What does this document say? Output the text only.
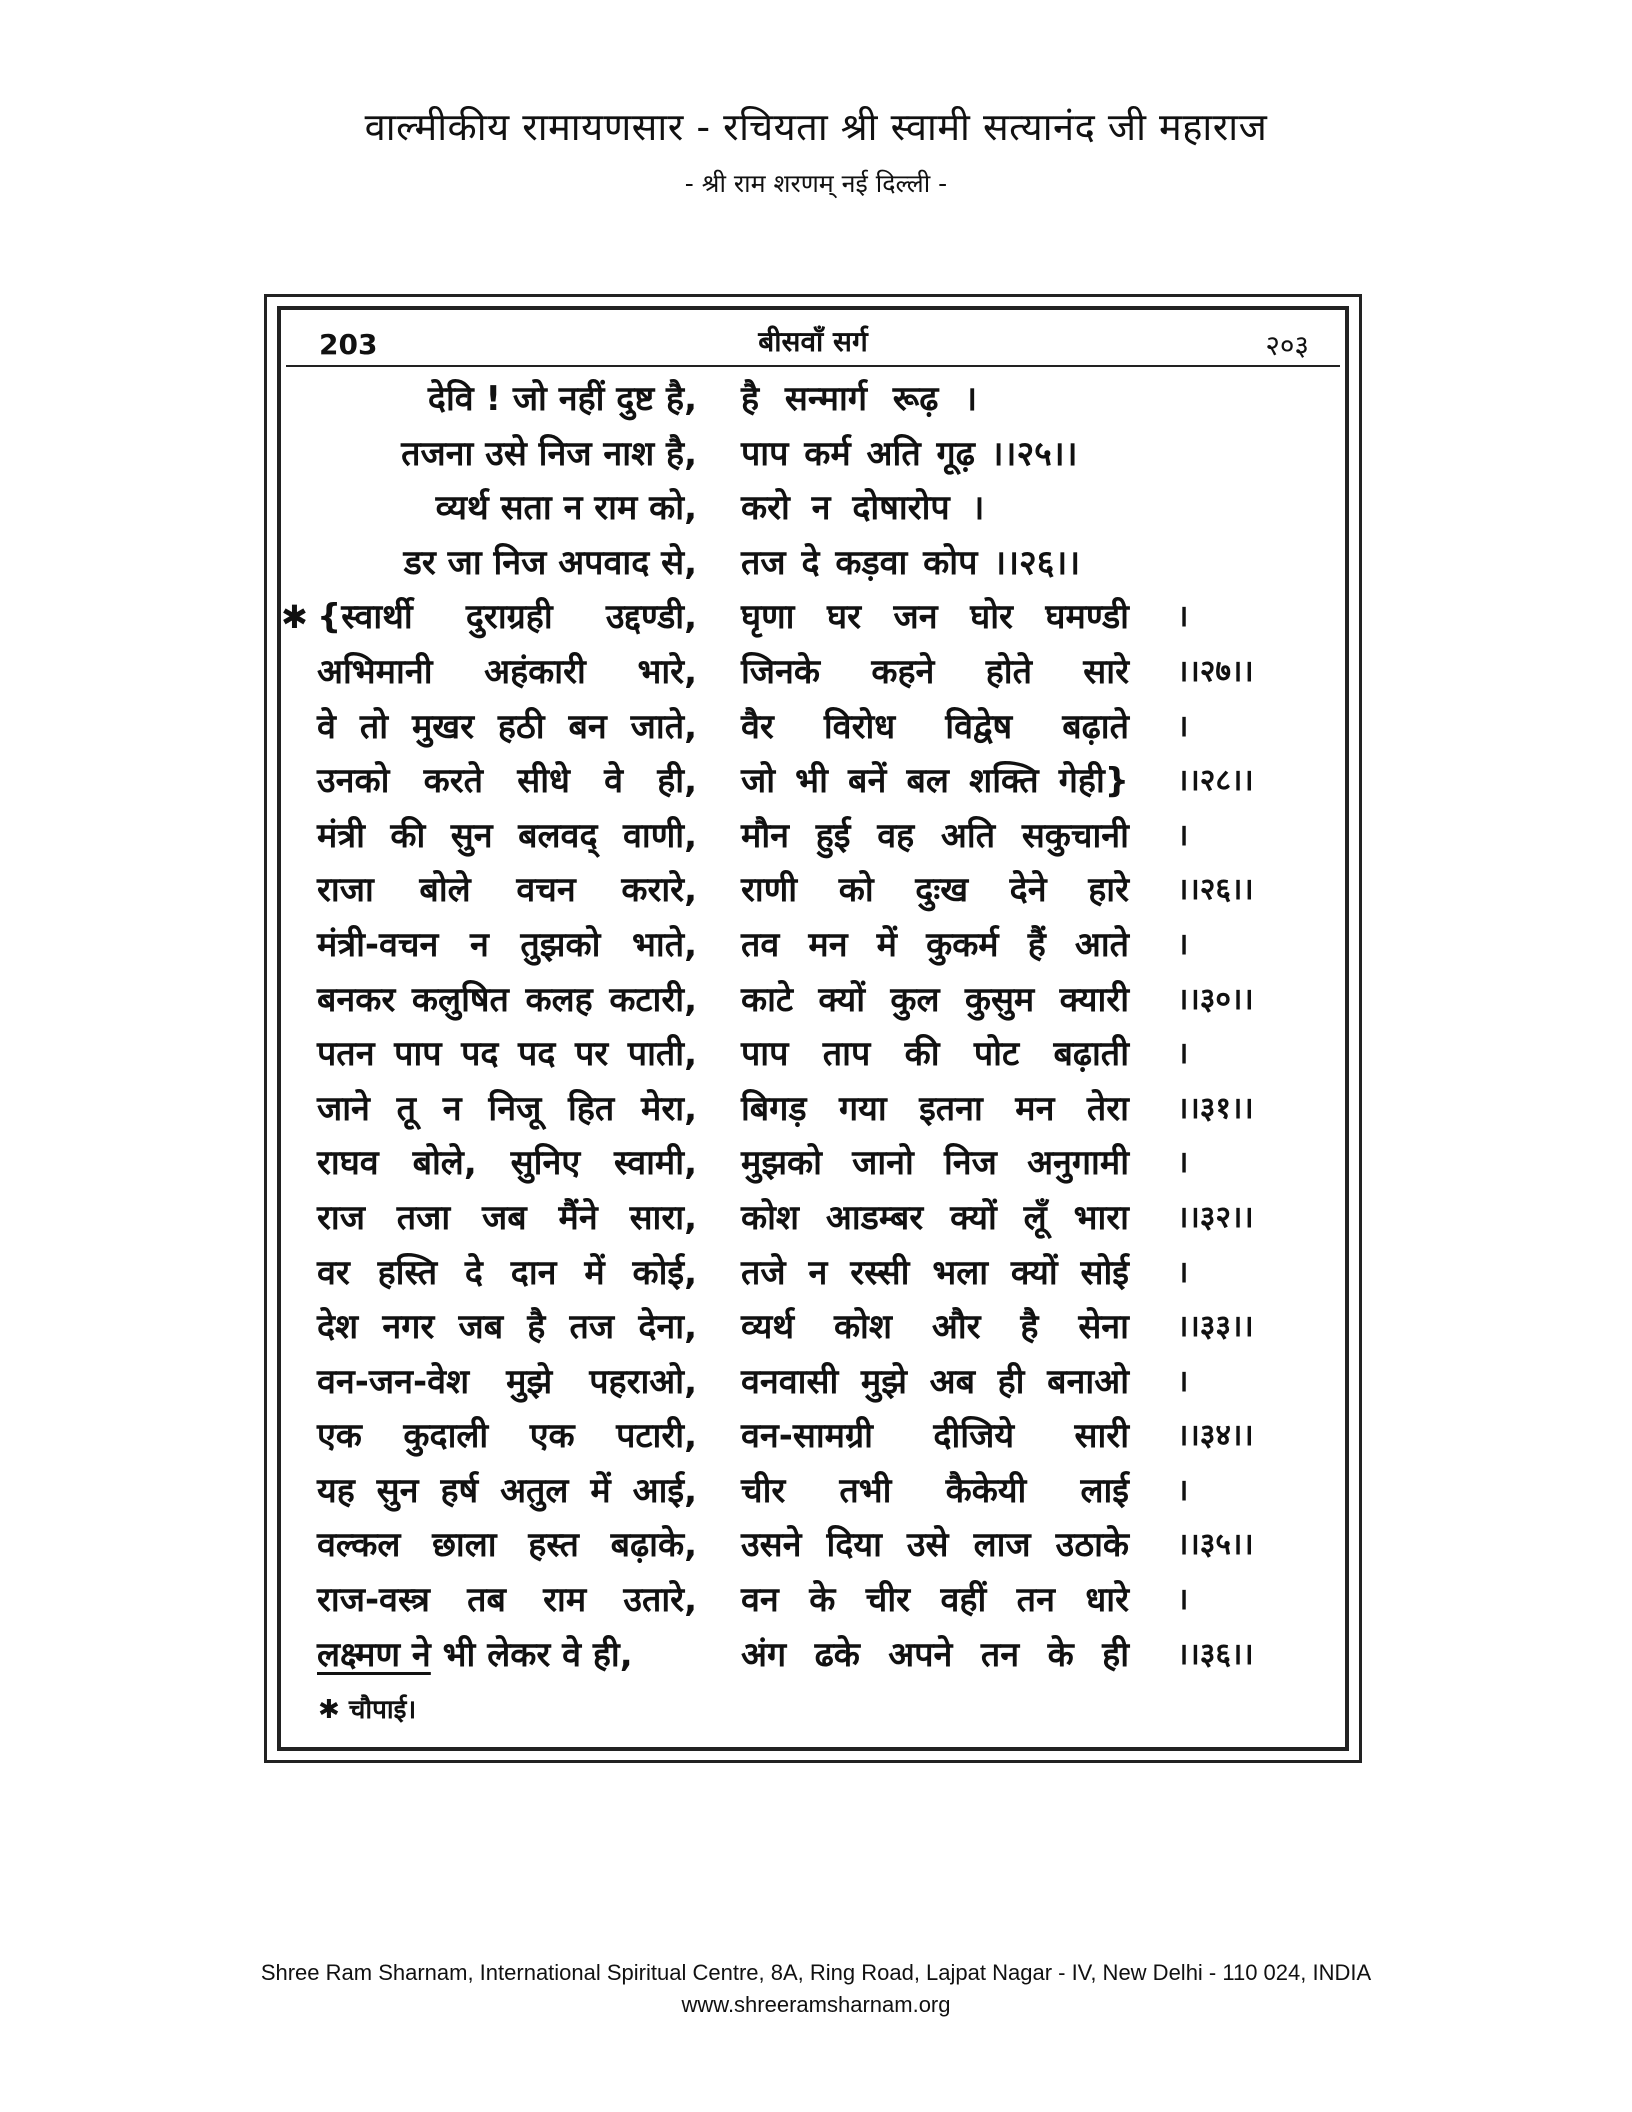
वाल्मीकीय रामायणसार - रचियता श्री स्वामी सत्यानंद जी महाराज
- श्री राम शरणम् नई दिल्ली -
203	बीसवाँ सर्ग	२०३
देवि ! जो नहीं दुष्ट है, है सन्मार्ग रूढ़ ।
तजना उसे निज नाश है, पाप कर्म अति गूढ़ ।।२५।।
व्यर्थ सता न राम को, करो न दोषारोप ।
डर जा निज अपवाद से, तज दे कड़वा कोप ।।२६।।
✱ {स्वार्थी दुराग्रही उद्दण्डी, घृणा घर जन घोर घमण्डी ।
अभिमानी अहंकारी भारे, जिनके कहने होते सारे ।।२७।।
वे तो मुखर हठी बन जाते, वैर विरोध विद्वेष बढ़ाते ।
उनको करते सीधे वे ही, जो भी बनें बल शक्ति गेही} ।।२८।।
मंत्री की सुन बलवद् वाणी, मौन हुई वह अति सकुचानी ।
राजा बोले वचन करारे, राणी को दुःख देने हारे ।।२६।।
मंत्री-वचन न तुझको भाते, तव मन में कुकर्म हैं आते ।
बनकर कलुषित कलह कटारी, काटे क्यों कुल कुसुम क्यारी ।।३०।।
पतन पाप पद पद पर पाती, पाप ताप की पोट बढ़ाती ।
जाने तू न निजू हित मेरा, बिगड़ गया इतना मन तेरा ।।३१।।
राघव बोले, सुनिए स्वामी, मुझको जानो निज अनुगामी ।
राज तजा जब मैंने सारा, कोश आडम्बर क्यों लूँ भारा ।।३२।।
वर हस्ति दे दान में कोई, तजे न रस्सी भला क्यों सोई ।
देश नगर जब है तज देना, व्यर्थ कोश और है सेना ।।३३।।
वन-जन-वेश मुझे पहराओ, वनवासी मुझे अब ही बनाओ ।
एक कुदाली एक पटारी, वन-सामग्री दीजिये सारी ।।३४।।
यह सुन हर्ष अतुल में आई, चीर तभी कैकेयी लाई ।
वल्कल छाला हस्त बढ़ाके, उसने दिया उसे लाज उठाके ।।३५।।
राज-वस्त्र तब राम उतारे, वन के चीर वहीं तन धारे ।
लक्ष्मण ने भी लेकर वे ही,	अंग ढके अपने तन के ही ।।३६।।
✱ चौपाई।
Shree Ram Sharnam, International Spiritual Centre, 8A, Ring Road, Lajpat Nagar - IV, New Delhi - 110 024, INDIA
www.shreeramsharnam.org
